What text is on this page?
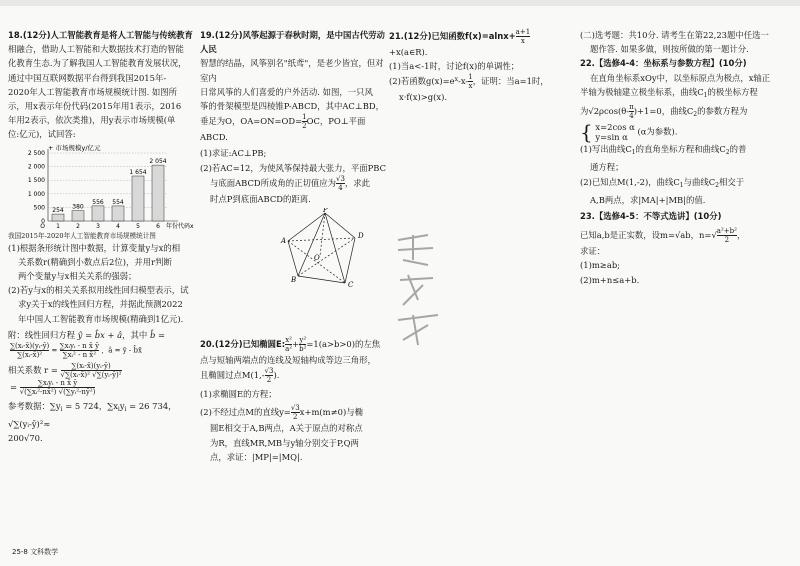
18.(12分)人工智能教育是将人工智能与传统教育

相融合，借助人工智能和大数据技术打造的智能

化教育生态.为了解我国人工智能教育发展状况，

通过中国互联网数据平台得到我国2015年-

2020年人工智能教育市场规模统计图. 如图所

示，用x表示年份代码(2015年用1表示，2016

年用2表示，依次类推)，用y表示市场规模(单

位:亿元)，试回答:

+ 市场规模y/亿元
2 500
2 000
1 500
1 000
500
0
年份代码x
O
254
1
380
2
556
3
554
4
1 654
5
2 054
6

我国2015年-2020年人工智能教育市场规模统计图

(1)根据条形统计图中数据，计算变量y与x的相

关系数r(精确到小数点后2位)，并用r判断

两个变量y与x相关关系的强弱；

(2)若y与x的相关关系拟用线性回归模型表示，试

求y关于x的线性回归方程，并据此预测2022

年中国人工智能教育市场规模(精确到1亿元).

附：线性回归方程 ŷ = b̂x + â，其中 b̂ =

$\frac{\text{∑(xᵢ-x̄)(yᵢ-ȳ)}}{\text{∑(xᵢ-x̄)²}} = \frac{\text{∑xᵢyᵢ - n x̄ ȳ}}{\text{∑xᵢ² - n x̄²}}$ ，â = ȳ - b̂x̄

相关系数 $r = \frac{\text{∑(xᵢ-x̄)(yᵢ-ȳ)}}{\text{√∑(xᵢ-x̄)² √∑(yᵢ-ȳ)²}}$

= $\frac{\text{∑xᵢyᵢ - n x̄ ȳ}}{\text{√(∑xᵢ²-nx̄²) √(∑yᵢ²-nȳ²)}}$

参考数据：$\sum y_i = 5$ 724，$\sum x_iy_i = 26$ 734， √∑(yᵢ-ȳ)²≈

200√70.

19.(12分)风筝起源于春秋时期，是中国古代劳动人民

智慧的结晶，风筝别名"纸鸢"，是老少皆宜，但对室内

日常风筝的人们喜爱的户外活动. 如图，一只风

筝的骨架模型是四棱锥P-ABCD，其中AC⊥BD，

垂足为O，$OA=ON=OD= \frac{1}{2}$ OC，PO⊥平面ABCD.

(1)求证:AC⊥PB;

(2)若AC=12，为使风筝保持最大张力，平面PBC

与底面ABCD所成角的正切值应为 $\frac{√3}{4}$ ，求此

时点P到底面ABCD的距离.

P
D
A
O
C
B

20.(12分)已知椭圆E: $\frac{\text{x²}}{\text{a²}} + \frac{\text{y²}}{\text{b²}} =1(a>b>0)$的左焦

点与短轴两端点的连线及短轴构成等边三角形，

且椭圆过点$M(1,- \frac{√3}{2}$ ).

(1)求椭圆E的方程；

(2)不经过点M的直线$y= \frac{√3}{2} x+m(m\ne 0)$与椭

圆E相交于A,B两点，A关于原点的对称点

为R，直线MR,MB与y轴分别交于P,Q两

点，求证：|MP|=|MQ|.

21.(12分)已知函数$f(x)=alnx+ \frac{a+1}{x}$
+x(a∈R).

(1)当a<-1时，讨论f(x)的单调性；

(2)若函数$g(x)=e^x-x- \frac{1}{x}$ ，证明：当a=1时，

x·f(x)>g(x).

(二)选考题：共10分. 请考生在第22,23题中任选一

题作答. 如果多做，则按所做的第一题计分.

22.【选修4-4：坐标系与参数方程】(10分)

在直角坐标系xOy中，以坐标原点为极点，x轴正

半轴为极轴建立极坐标系，曲线$C_1$的极坐标方程

为$√2\rho\cos(\theta- \frac{\pi}{4} )+1=0$，曲线$C_2$的参数方程为

{ x=2cos α
y=sin α
(α为参数).

(1)写出曲线$C_1$的直角坐标方程和曲线$C_2$的普

通方程；

(2)已知点M(1,-2)，曲线$C_1$与曲线$C_2$相交于

A,B两点，求|MA|+|MB|的值.

23.【选修4-5：不等式选讲】(10分)

已知a,b是正实数，设m=√ab，$n=√ \frac{\text{a²+b²}}{2}$ ，

求证：

(1)m≥ab;

(2)m+n≤a+b.

25-8 文科数学
